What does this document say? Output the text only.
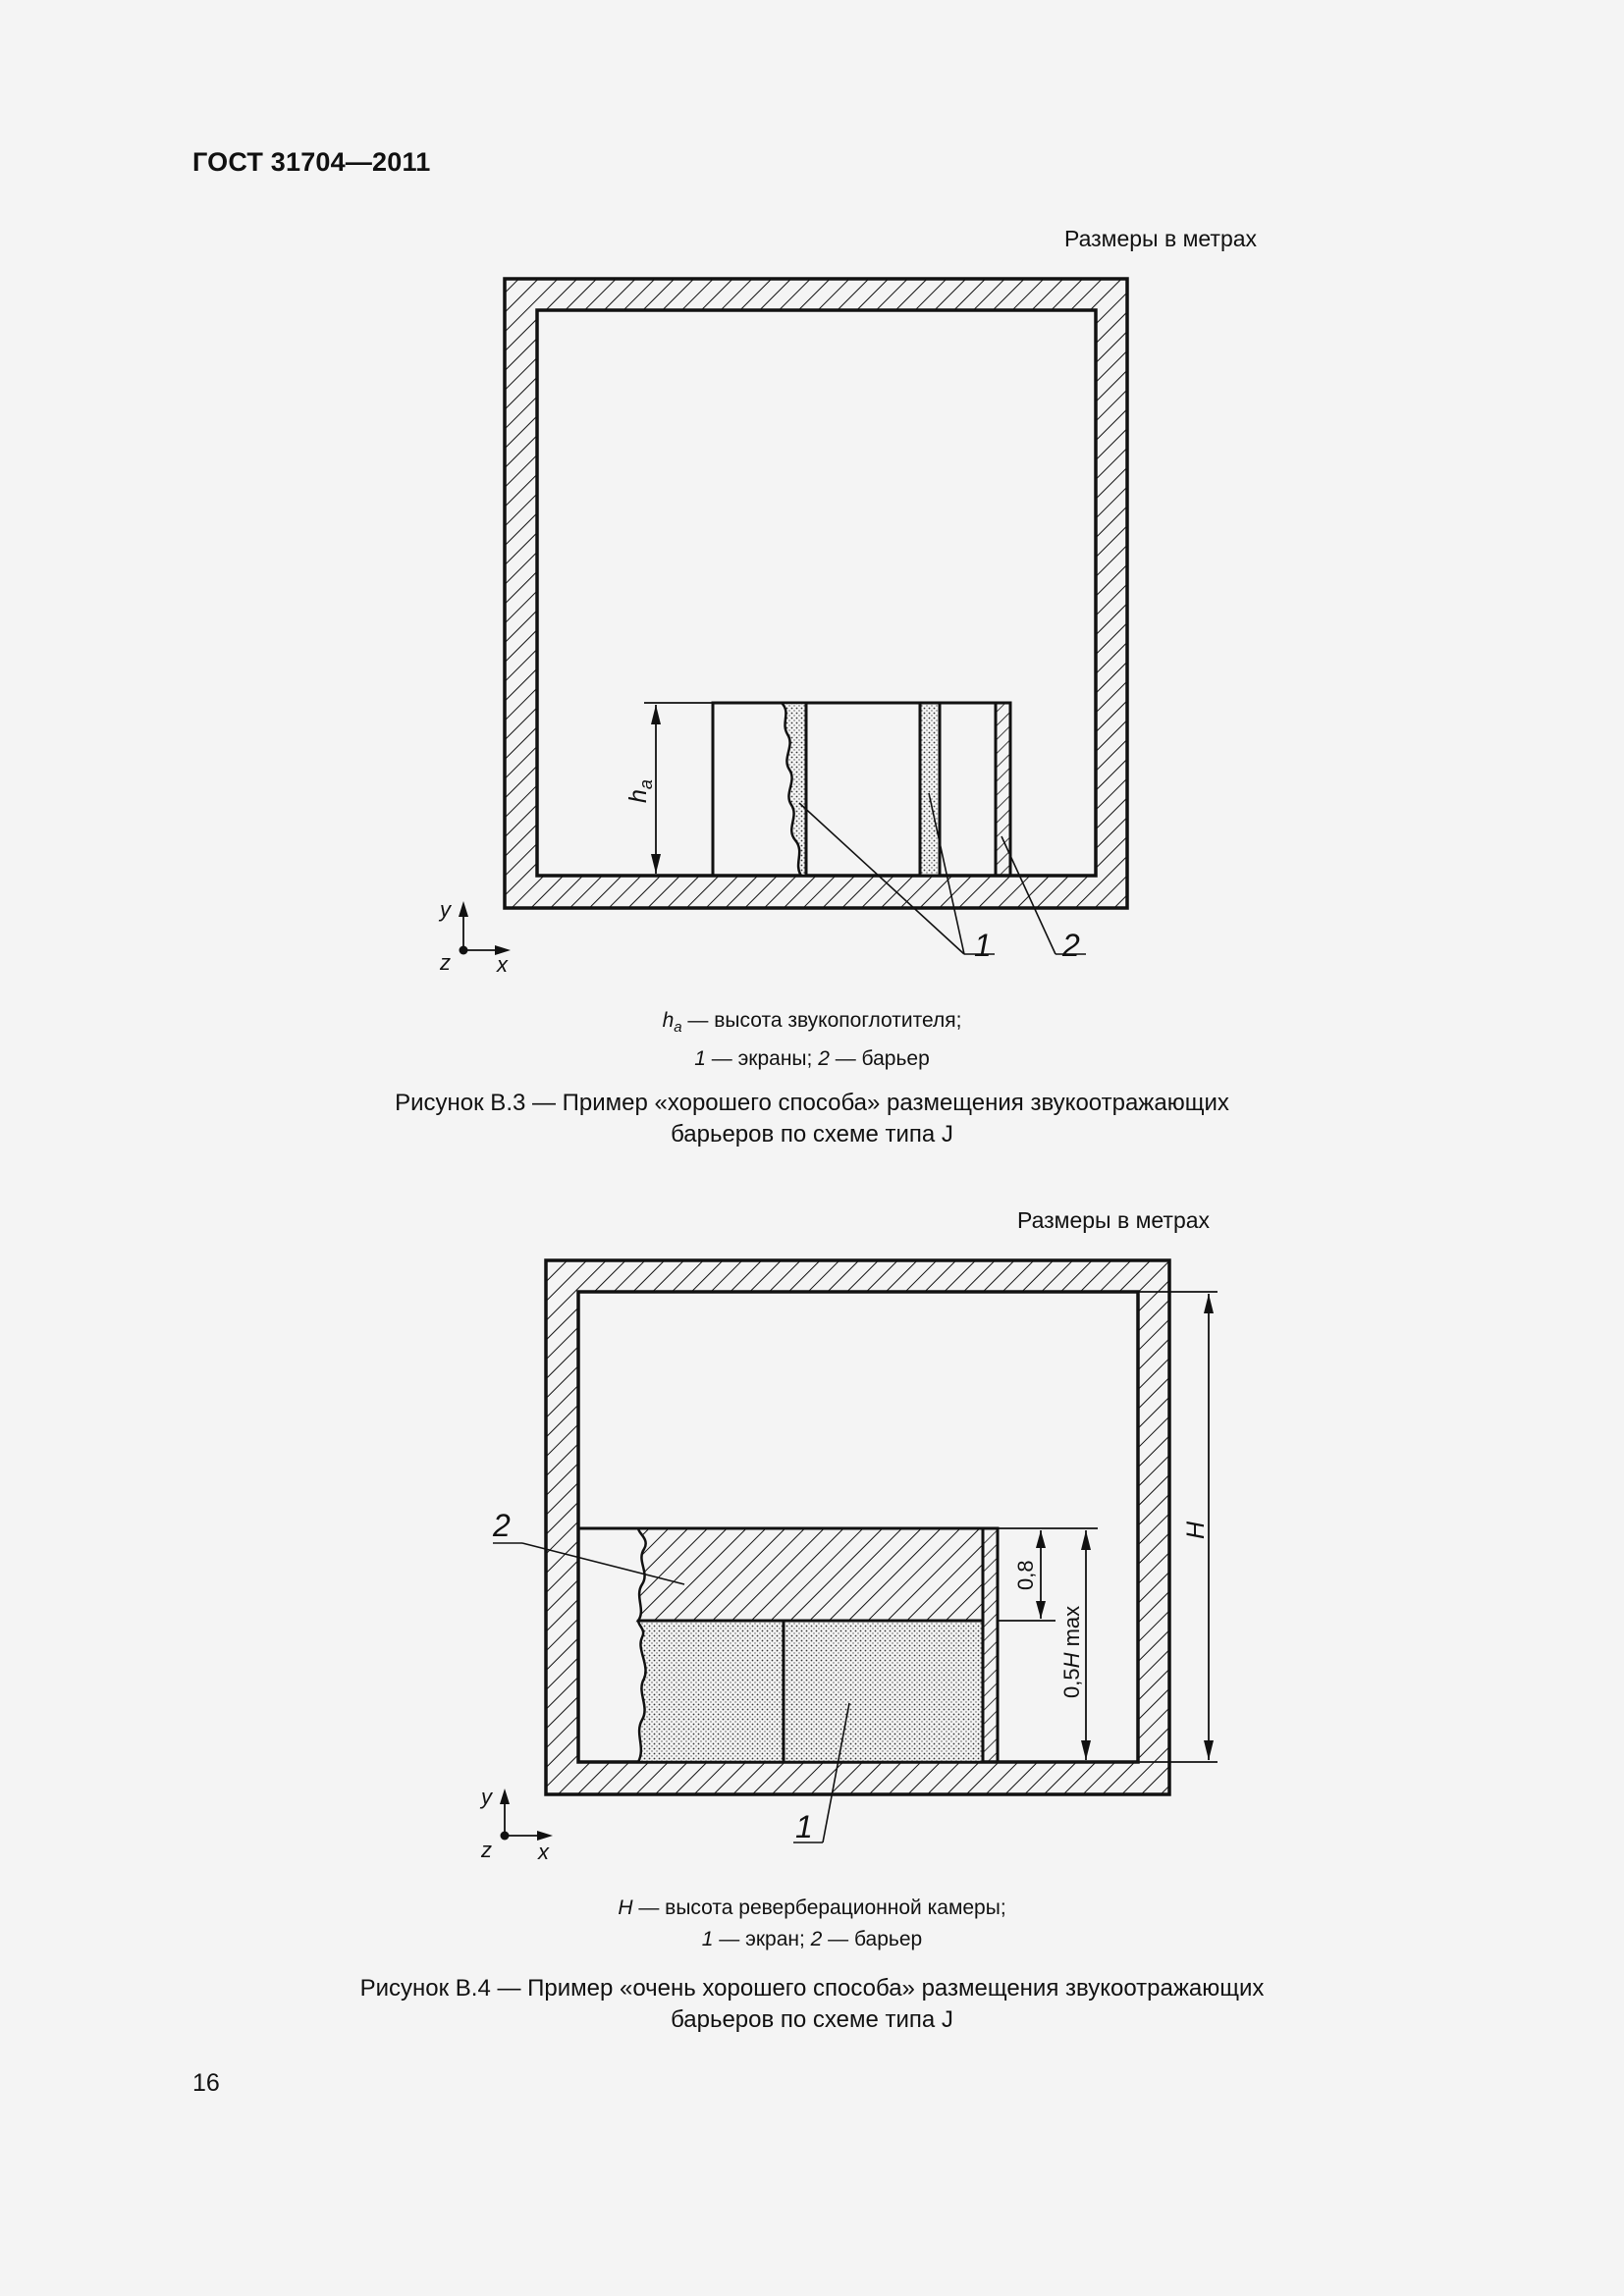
ГОСТ 31704—2011
Размеры в метрах
$h_a$
1 2
y
z x
$h_a$ — высота звукопоглотителя;
1 — экраны; 2 — барьер
Рисунок В.3 — Пример «хорошего способа» размещения звукоотражающих
барьеров по схеме типа J
Размеры в метрах
H
0,8
0,5H max
2
1
y
z x
H — высота реверберационной камеры;
1 — экран; 2 — барьер
Рисунок В.4 — Пример «очень хорошего способа» размещения звукоотражающих
барьеров по схеме типа J
16
